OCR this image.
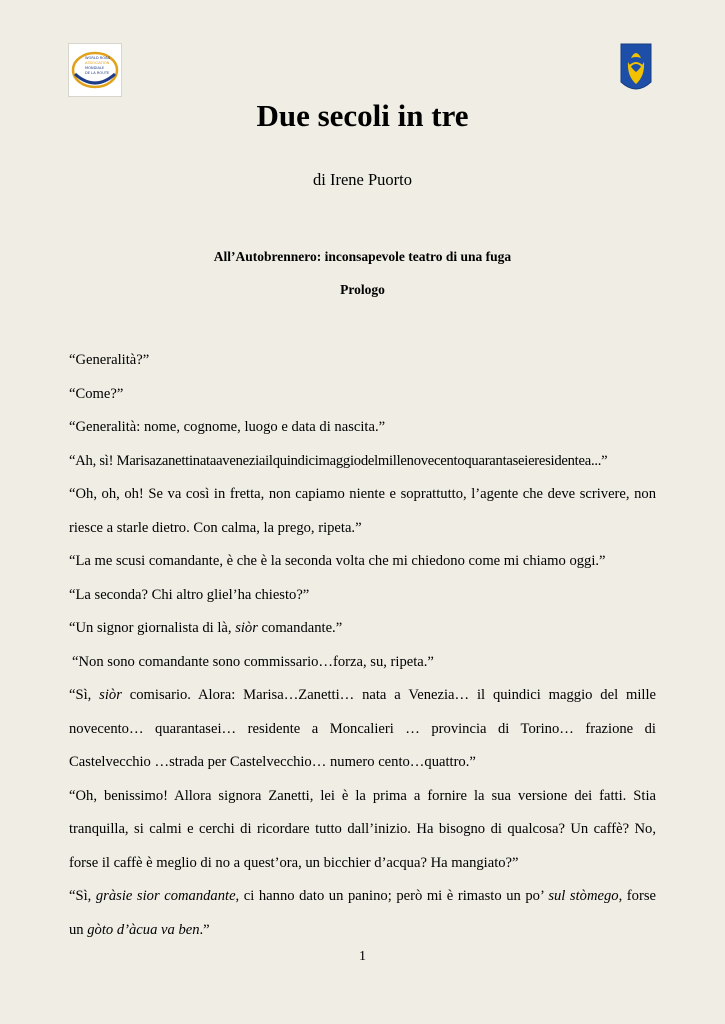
WORLD ROAD
ASSOCIATION
MONDIALE
DE LA ROUTE
Due secoli in tre
di Irene Puorto
All’Autobrennero: inconsapevole teatro di una fuga
Prologo

“Generalità?”

“Come?”

“Generalità: nome, cognome, luogo e data di nascita.”

“Ah, sì! Marisazanettinataaveneziailquindicimaggiodelmillenovecentoquarantaseieresidentea...”

“Oh, oh, oh! Se va così in fretta, non capiamo niente e soprattutto, l’agente che deve scrivere, non riesce a starle dietro. Con calma, la prego, ripeta.”

“La me scusi comandante, è che è la seconda volta che mi chiedono come mi chiamo oggi.”

“La seconda? Chi altro gliel’ha chiesto?”

“Un signor giornalista di là, siòr comandante.”

“Non sono comandante sono commissario…forza, su, ripeta.”

“Sì, siòr comisario. Alora: Marisa…Zanetti… nata a Venezia… il quindici maggio del mille novecento… quarantasei… residente a Moncalieri … provincia di Torino… frazione di Castelvecchio …strada per Castelvecchio… numero cento…quattro.”

“Oh, benissimo! Allora signora Zanetti, lei è la prima a fornire la sua versione dei fatti. Stia tranquilla, si calmi e cerchi di ricordare tutto dall’inizio. Ha bisogno di qualcosa? Un caffè? No, forse il caffè è meglio di no a quest’ora, un bicchier d’acqua? Ha mangiato?”

“Sì, gràsie sior comandante, ci hanno dato un panino; però mi è rimasto un po’ sul stòmego, forse un gòto d’àcua va ben.”

1
